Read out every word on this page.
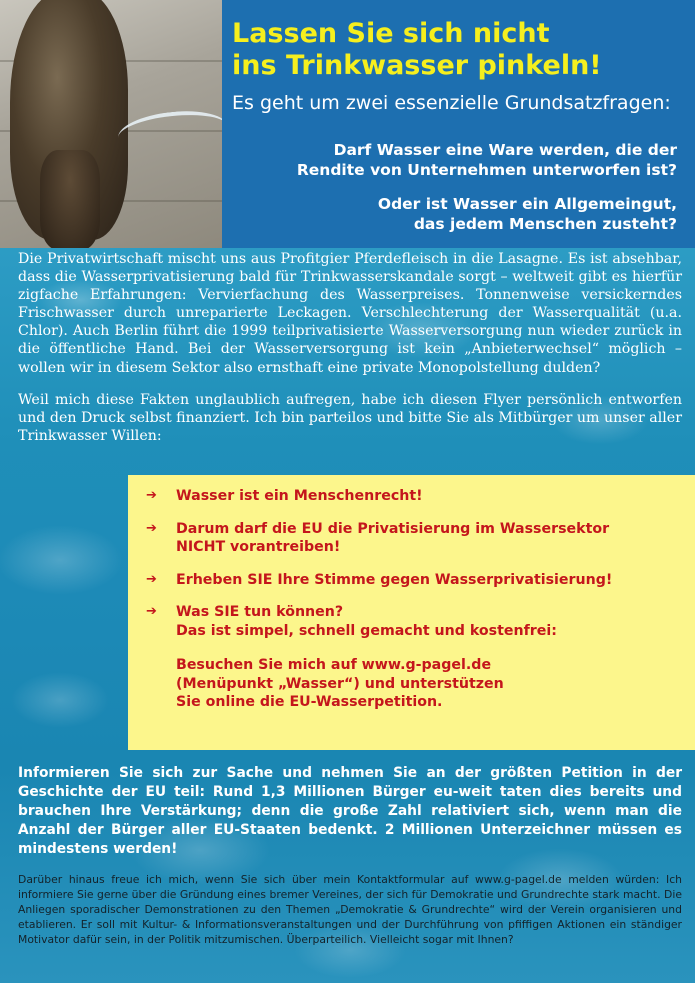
Lassen Sie sich nicht
ins Trinkwasser pinkeln!
Es geht um zwei essenzielle Grundsatzfragen:
Darf Wasser eine Ware werden, die der
Rendite von Unternehmen unterworfen ist?
Oder ist Wasser ein Allgemeingut,
das jedem Menschen zusteht?

Die Privatwirtschaft mischt uns aus Profitgier Pferdefleisch in die Lasagne. Es ist absehbar, dass die Wasserprivatisierung bald für Trinkwasserskandale sorgt – weltweit gibt es hierfür zigfache Erfahrungen: Vervierfachung des Wasserpreises. Tonnenweise versickerndes Frischwasser durch unreparierte Leckagen. Verschlechterung der Wasserqualität (u.a. Chlor). Auch Berlin führt die 1999 teilprivatisierte Wasserversorgung nun wieder zurück in die öffentliche Hand. Bei der Wasserversorgung ist kein „Anbieterwechsel“ möglich – wollen wir in diesem Sektor also ernsthaft eine private Monopolstellung dulden?

Weil mich diese Fakten unglaublich aufregen, habe ich diesen Flyer persönlich entworfen und den Druck selbst finanziert. Ich bin parteilos und bitte Sie als Mitbürger um unser aller Trinkwasser Willen:

➔	Wasser ist ein Menschenrecht!
➔	Darum darf die EU die Privatisierung im Wassersektor
NICHT vorantreiben!
➔	Erheben SIE Ihre Stimme gegen Wasserprivatisierung!
➔	Was SIE tun können?
Das ist simpel, schnell gemacht und kostenfrei:
Besuchen Sie mich auf www.g-pagel.de
(Menüpunkt „Wasser“) und unterstützen
Sie online die EU-Wasserpetition.
Informieren Sie sich zur Sache und nehmen Sie an der größten Petition in der Geschichte der EU teil: Rund 1,3 Millionen Bürger eu-weit taten dies bereits und brauchen Ihre Verstärkung; denn die große Zahl relativiert sich, wenn man die Anzahl der Bürger aller EU-Staaten bedenkt. 2 Millionen Unterzeichner müssen es mindestens werden!
Darüber hinaus freue ich mich, wenn Sie sich über mein Kontaktformular auf www.g-pagel.de melden würden: Ich informiere Sie gerne über die Gründung eines bremer Vereines, der sich für Demokratie und Grundrechte stark macht. Die Anliegen sporadischer Demonstrationen zu den Themen „Demokratie & Grundrechte“ wird der Verein organisieren und etablieren. Er soll mit Kultur- & Informationsveranstaltungen und der Durchführung von pfiffigen Aktionen ein ständiger Motivator dafür sein, in der Politik mitzumischen. Überparteilich. Vielleicht sogar mit Ihnen?
